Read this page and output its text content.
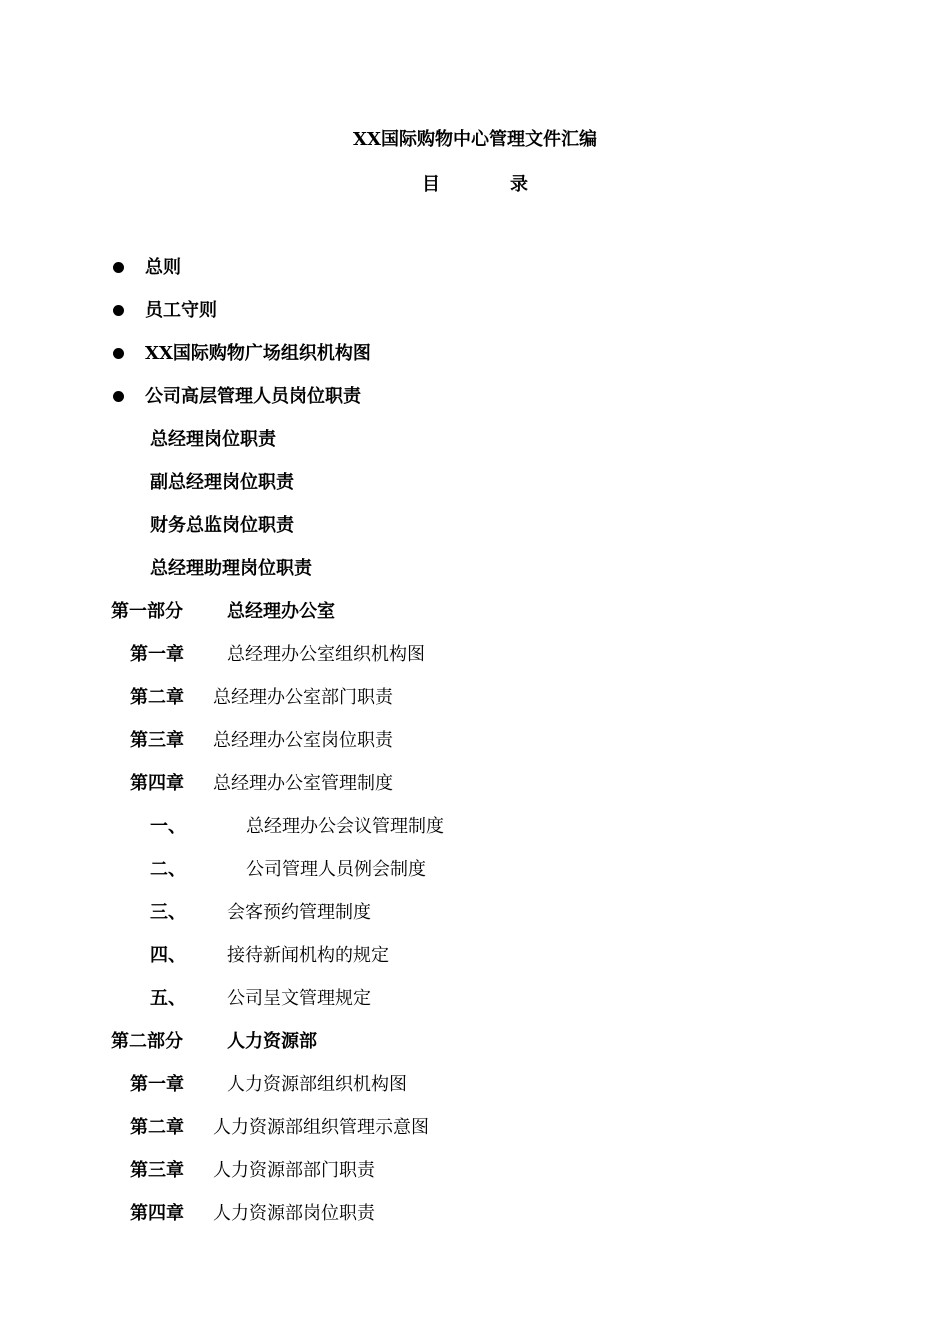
XX国际购物中心管理文件汇编
目	录
总则
员工守则
XX国际购物广场组织机构图
公司高层管理人员岗位职责
总经理岗位职责
副总经理岗位职责
财务总监岗位职责
总经理助理岗位职责
第一部分 总经理办公室
第一章 总经理办公室组织机构图
第二章 总经理办公室部门职责
第三章 总经理办公室岗位职责
第四章 总经理办公室管理制度
一、	总经理办公会议管理制度
二、	公司管理人员例会制度
三、 会客预约管理制度
四、 接待新闻机构的规定
五、 公司呈文管理规定
第二部分 人力资源部
第一章 人力资源部组织机构图
第二章 人力资源部组织管理示意图
第三章 人力资源部部门职责
第四章 人力资源部岗位职责
